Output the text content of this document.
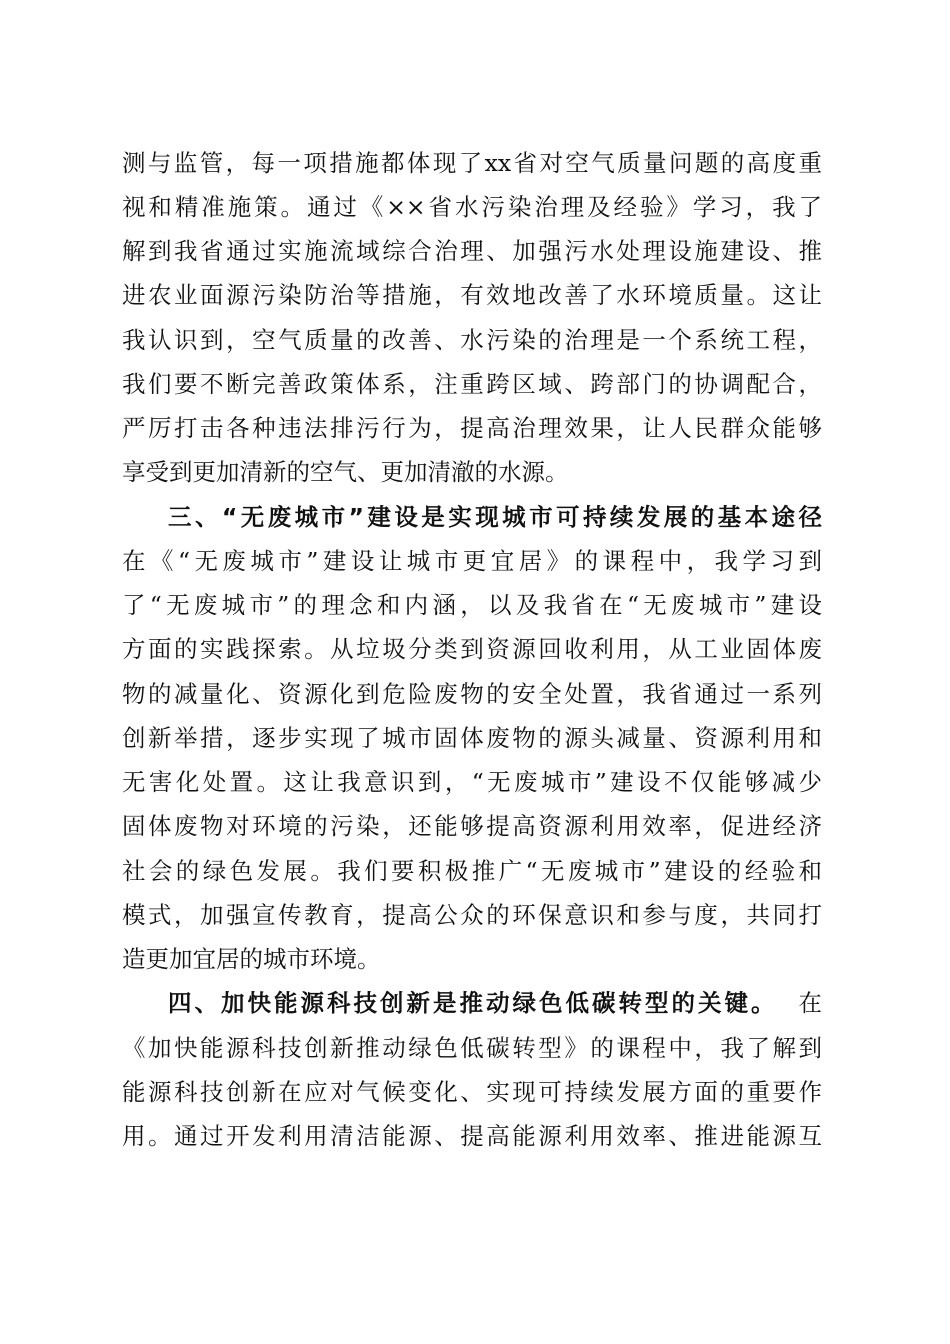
测与监管，每一项措施都体现了xx省对空气质量问题的高度重
视和精准施策。通过《××省水污染治理及经验》学习，我了
解到我省通过实施流域综合治理、加强污水处理设施建设、推
进农业面源污染防治等措施，有效地改善了水环境质量。这让
我认识到，空气质量的改善、水污染的治理是一个系统工程，
我们要不断完善政策体系，注重跨区域、跨部门的协调配合，
严厉打击各种违法排污行为，提高治理效果，让人民群众能够
享受到更加清新的空气、更加清澈的水源。
三、“无废城市”建设是实现城市可持续发展的基本途径
在《“无废城市”建设让城市更宜居》的课程中，我学习到
了“无废城市”的理念和内涵，以及我省在“无废城市”建设
方面的实践探索。从垃圾分类到资源回收利用，从工业固体废
物的减量化、资源化到危险废物的安全处置，我省通过一系列
创新举措，逐步实现了城市固体废物的源头减量、资源利用和
无害化处置。这让我意识到，“无废城市”建设不仅能够减少
固体废物对环境的污染，还能够提高资源利用效率，促进经济
社会的绿色发展。我们要积极推广“无废城市”建设的经验和
模式，加强宣传教育，提高公众的环保意识和参与度，共同打
造更加宜居的城市环境。
四、加快能源科技创新是推动绿色低碳转型的关键。 在
《加快能源科技创新推动绿色低碳转型》的课程中，我了解到
能源科技创新在应对气候变化、实现可持续发展方面的重要作
用。通过开发利用清洁能源、提高能源利用效率、推进能源互
